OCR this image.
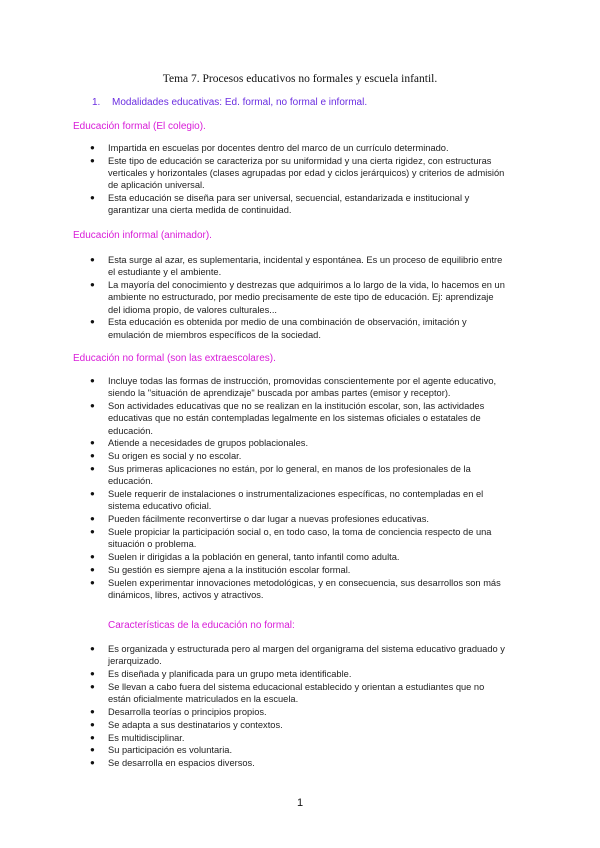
Tema 7. Procesos educativos no formales y escuela infantil.
1. Modalidades educativas: Ed. formal, no formal e informal.
Educación formal (El colegio).
● Impartida en escuelas por docentes dentro del marco de un currículo determinado.
● Este tipo de educación se caracteriza por su uniformidad y una cierta rigidez, con estructuras verticales y horizontales (clases agrupadas por edad y ciclos jerárquicos) y criterios de admisión de aplicación universal.
● Esta educación se diseña para ser universal, secuencial, estandarizada e institucional y garantizar una cierta medida de continuidad.
Educación informal (animador).
● Esta surge al azar, es suplementaria, incidental y espontánea. Es un proceso de equilibrio entre el estudiante y el ambiente.
● La mayoría del conocimiento y destrezas que adquirimos a lo largo de la vida, lo hacemos en un ambiente no estructurado, por medio precisamente de este tipo de educación. Ej: aprendizaje del idioma propio, de valores culturales...
● Esta educación es obtenida por medio de una combinación de observación, imitación y emulación de miembros específicos de la sociedad.
Educación no formal (son las extraescolares).
● Incluye todas las formas de instrucción, promovidas conscientemente por el agente educativo, siendo la "situación de aprendizaje" buscada por ambas partes (emisor y receptor).
● Son actividades educativas que no se realizan en la institución escolar, son, las actividades educativas que no están contempladas legalmente en los sistemas oficiales o estatales de educación.
● Atiende a necesidades de grupos poblacionales.
● Su origen es social y no escolar.
● Sus primeras aplicaciones no están, por lo general, en manos de los profesionales de la educación.
● Suele requerir de instalaciones o instrumentalizaciones específicas, no contempladas en el sistema educativo oficial.
● Pueden fácilmente reconvertirse o dar lugar a nuevas profesiones educativas.
● Suele propiciar la participación social o, en todo caso, la toma de conciencia respecto de una situación o problema.
● Suelen ir dirigidas a la población en general, tanto infantil como adulta.
● Su gestión es siempre ajena a la institución escolar formal.
● Suelen experimentar innovaciones metodológicas, y en consecuencia, sus desarrollos son más dinámicos, libres, activos y atractivos.
Características de la educación no formal:
● Es organizada y estructurada pero al margen del organigrama del sistema educativo graduado y jerarquizado.
● Es diseñada y planificada para un grupo meta identificable.
● Se llevan a cabo fuera del sistema educacional establecido y orientan a estudiantes que no están oficialmente matriculados en la escuela.
● Desarrolla teorías o principios propios.
● Se adapta a sus destinatarios y contextos.
● Es multidisciplinar.
● Su participación es voluntaria.
● Se desarrolla en espacios diversos.
1
